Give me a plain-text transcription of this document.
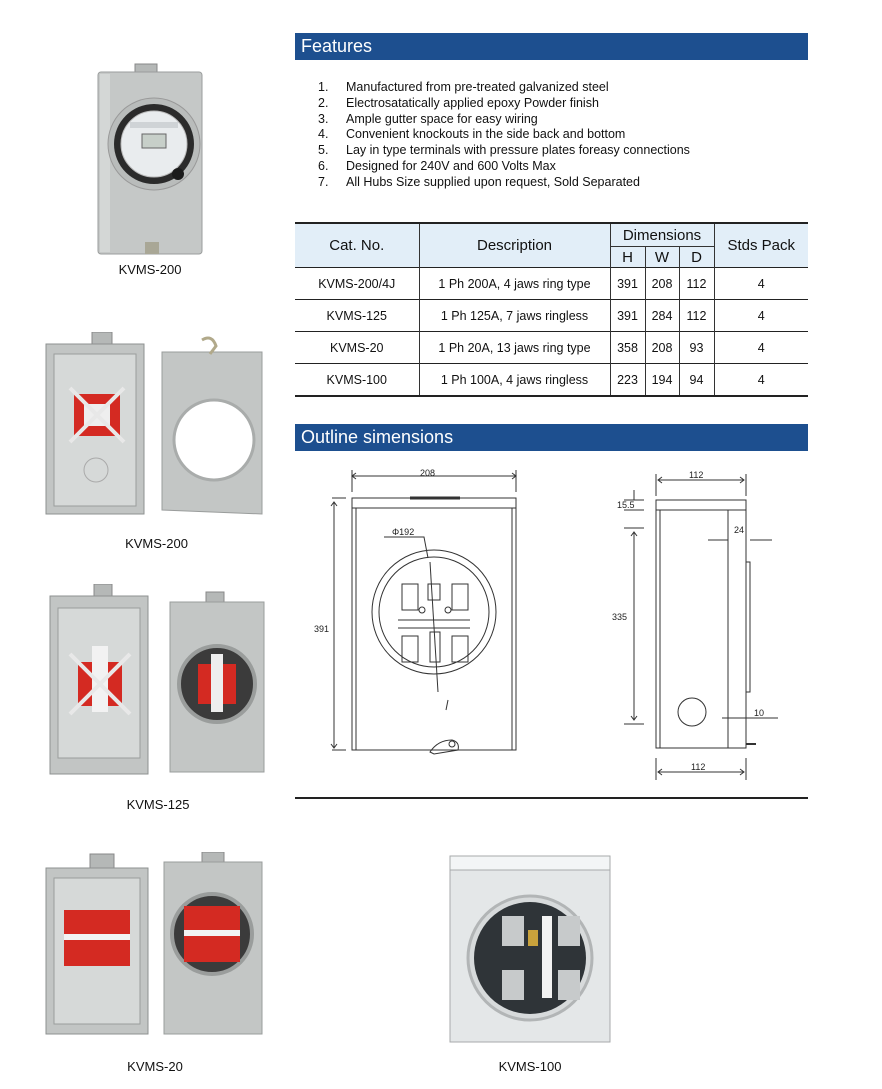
KVMS-200
KVMS-200
KVMS-125
KVMS-20	KVMS-100
Features
1.	Manufactured from pre-treated galvanized steel
2.	Electrosatatically applied epoxy Powder finish
3.	Ample gutter space for easy wiring
4.	Convenient knockouts in the side back and bottom
5.	Lay in type terminals with pressure plates foreasy connections
6.	Designed for 240V and 600 Volts Max
7.	All Hubs Size supplied upon request, Sold Separated
Cat. No.	Description	Dimensions			Stds Pack
		H	W	D	
KVMS-200/4J	1 Ph 200A, 4 jaws ring type	391	208	112	4
KVMS-125	1 Ph 125A, 7 jaws ringless	391	284	112	4
KVMS-20	1 Ph 20A, 13 jaws ring type	358	208	93	4
KVMS-100	1 Ph 100A, 4 jaws ringless	223	194	94	4
Outline simensions
208
391
Φ192
112
15.5
24
335
10
112
